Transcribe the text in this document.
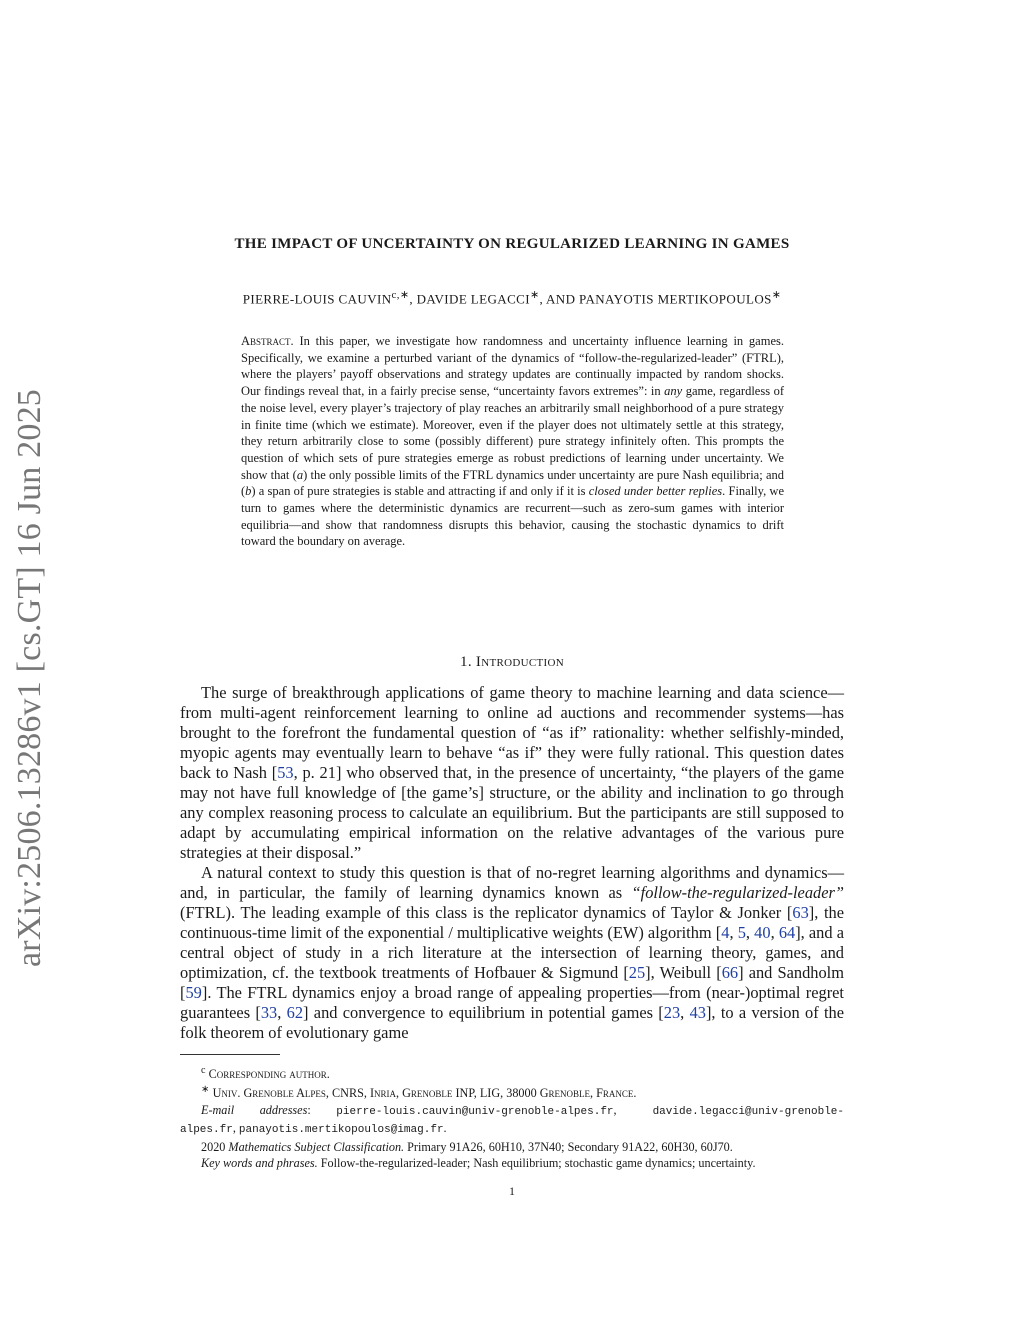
arXiv:2506.13286v1 [cs.GT] 16 Jun 2025
THE IMPACT OF UNCERTAINTY ON REGULARIZED LEARNING IN GAMES
PIERRE-LOUIS $CAUVIN^{c,∗}$, DAVIDE LEGACCI∗, AND PANAYOTIS MERTIKOPOULOS∗
Abstract. In this paper, we investigate how randomness and uncertainty influence learning in games. Specifically, we examine a perturbed variant of the dynamics of “follow-the-regularized-leader” (FTRL), where the players’ payoff observations and strategy updates are continually impacted by random shocks. Our findings reveal that, in a fairly precise sense, “uncertainty favors extremes”: in any game, regardless of the noise level, every player’s trajectory of play reaches an arbitrarily small neighborhood of a pure strategy in finite time (which we estimate). Moreover, even if the player does not ultimately settle at this strategy, they return arbitrarily close to some (possibly different) pure strategy infinitely often. This prompts the question of which sets of pure strategies emerge as robust predictions of learning under uncertainty. We show that (a) the only possible limits of the FTRL dynamics under uncertainty are pure Nash equilibria; and (b) a span of pure strategies is stable and attracting if and only if it is closed under better replies. Finally, we turn to games where the deterministic dynamics are recurrent—such as zero-sum games with interior equilibria—and show that randomness disrupts this behavior, causing the stochastic dynamics to drift toward the boundary on average.
1. Introduction

The surge of breakthrough applications of game theory to machine learning and data science—from multi-agent reinforcement learning to online ad auctions and recommender systems—has brought to the forefront the fundamental question of “as if” rationality: whether selfishly-minded, myopic agents may eventually learn to behave “as if” they were fully rational. This question dates back to Nash [53, p. 21] who observed that, in the presence of uncertainty, “the players of the game may not have full knowledge of [the game’s] structure, or the ability and inclination to go through any complex reasoning process to calculate an equilibrium. But the participants are still supposed to adapt by accumulating empirical information on the relative advantages of the various pure strategies at their disposal.”

A natural context to study this question is that of no-regret learning algorithms and dynamics—and, in particular, the family of learning dynamics known as “follow-the-regularized-leader” (FTRL). The leading example of this class is the replicator dynamics of Taylor & Jonker [63], the continuous-time limit of the exponential / multiplicative weights (EW) algorithm [4, 5, 40, 64], and a central object of study in a rich literature at the intersection of learning theory, games, and optimization, cf. the textbook treatments of Hofbauer & Sigmund [25], Weibull [66] and Sandholm [59]. The FTRL dynamics enjoy a broad range of appealing properties—from (near-)optimal regret guarantees [33, 62] and convergence to equilibrium in potential games [23, 43], to a version of the folk theorem of evolutionary game

$^c$ Corresponding author.
∗ Univ. Grenoble Alpes, CNRS, Inria, Grenoble INP, LIG, 38000 Grenoble, France.
E-mail addresses: pierre-louis.cauvin@univ-grenoble-alpes.fr,	davide.legacci@univ-grenoble-alpes.fr, panayotis.mertikopoulos@imag.fr.
2020 Mathematics Subject Classification. Primary 91A26, 60H10, 37N40; Secondary 91A22, 60H30, 60J70.
Key words and phrases. Follow-the-regularized-leader; Nash equilibrium; stochastic game dynamics; uncertainty.
1
